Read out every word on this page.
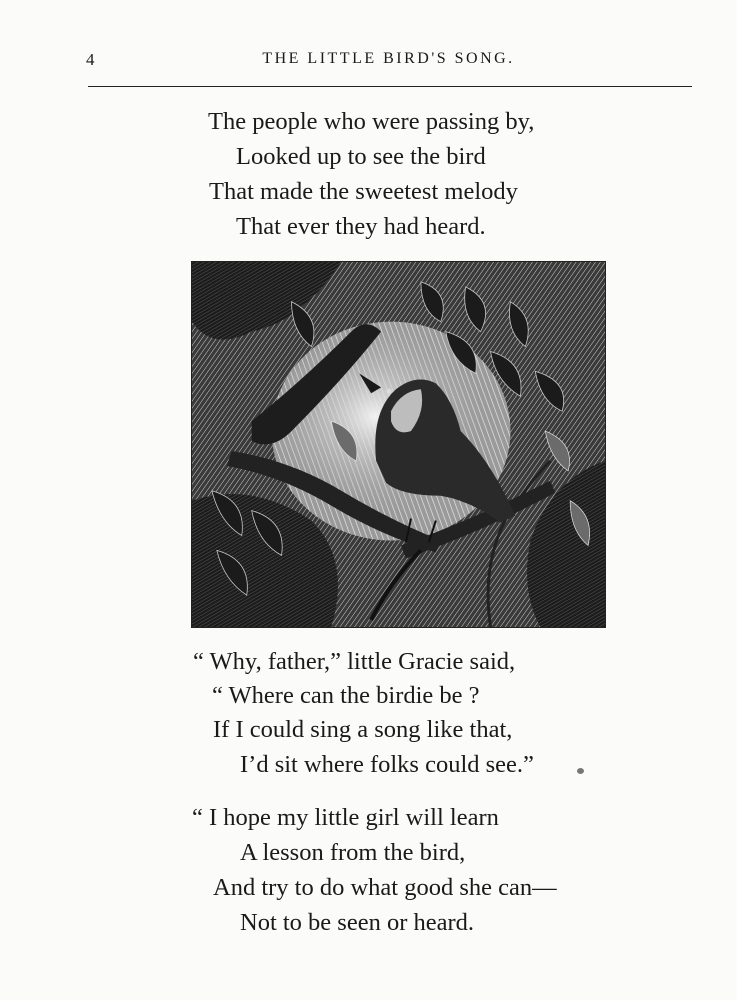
4	THE LITTLE BIRD'S SONG.
The people who were passing by,
Looked up to see the bird
That made the sweetest melody
That ever they had heard.
“ Why, father,” little Gracie said,
“ Where can the birdie be ?
If I could sing a song like that,
I’d sit where folks could see.”
“ I hope my little girl will learn
A lesson from the bird,
And try to do what good she can—
Not to be seen or heard.
